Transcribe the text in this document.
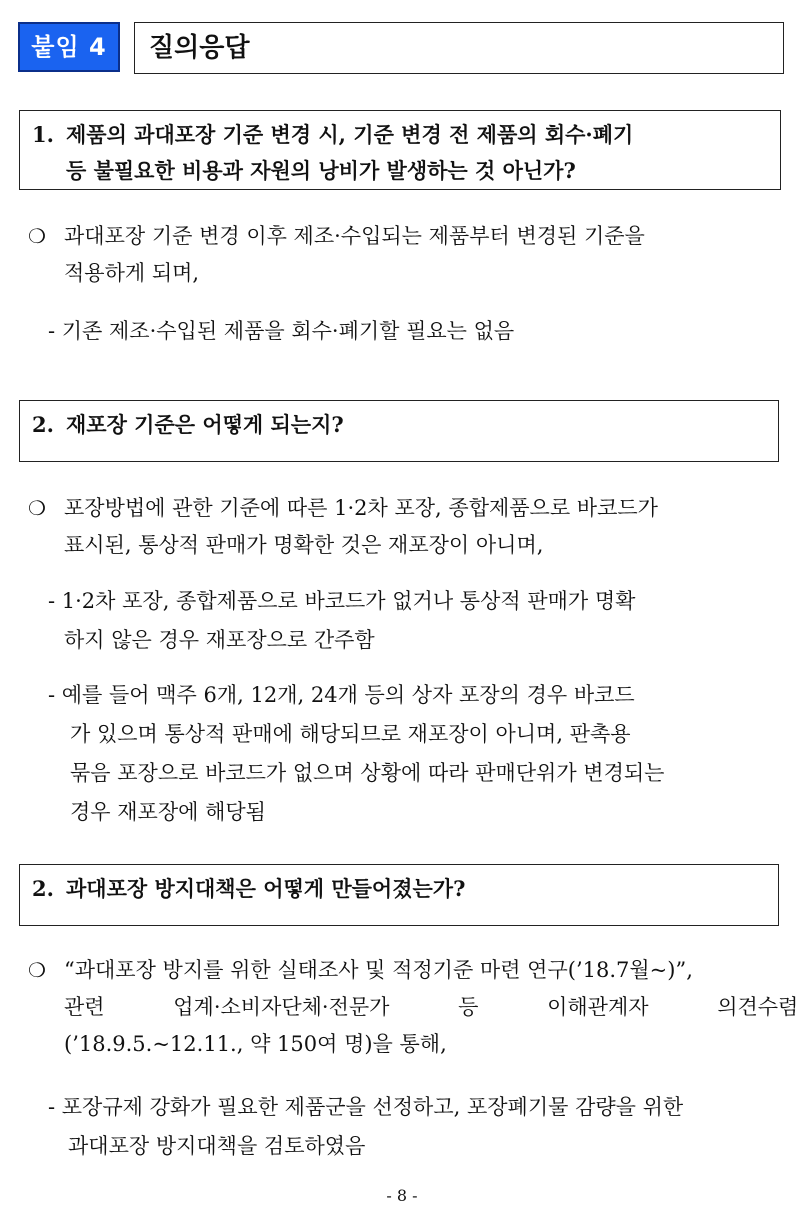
붙임 4	질의응답
1. 제품의 과대포장 기준 변경 시, 기준 변경 전 제품의 회수·폐기
등 불필요한 비용과 자원의 낭비가 발생하는 것 아닌가?
❍ 과대포장 기준 변경 이후 제조·수입되는 제품부터 변경된 기준을
적용하게 되며,
- 기존 제조·수입된 제품을 회수·폐기할 필요는 없음
2. 재포장 기준은 어떻게 되는지?
❍ 포장방법에 관한 기준에 따른 1·2차 포장, 종합제품으로 바코드가
표시된, 통상적 판매가 명확한 것은 재포장이 아니며,
- 1·2차 포장, 종합제품으로 바코드가 없거나 통상적 판매가 명확
하지 않은 경우 재포장으로 간주함
- 예를 들어 맥주 6개, 12개, 24개 등의 상자 포장의 경우 바코드
가 있으며 통상적 판매에 해당되므로 재포장이 아니며, 판촉용
묶음 포장으로 바코드가 없으며 상황에 따라 판매단위가 변경되는
경우 재포장에 해당됨
2. 과대포장 방지대책은 어떻게 만들어졌는가?
❍ “과대포장 방지를 위한 실태조사 및 적정기준 마련 연구(’18.7월~)”,
관련 업계·소비자단체·전문가 등 이해관계자 의견수렴
(’18.9.5.~12.11., 약 150여 명)을 통해,
- 포장규제 강화가 필요한 제품군을 선정하고, 포장폐기물 감량을 위한
과대포장 방지대책을 검토하였음
- 8 -
